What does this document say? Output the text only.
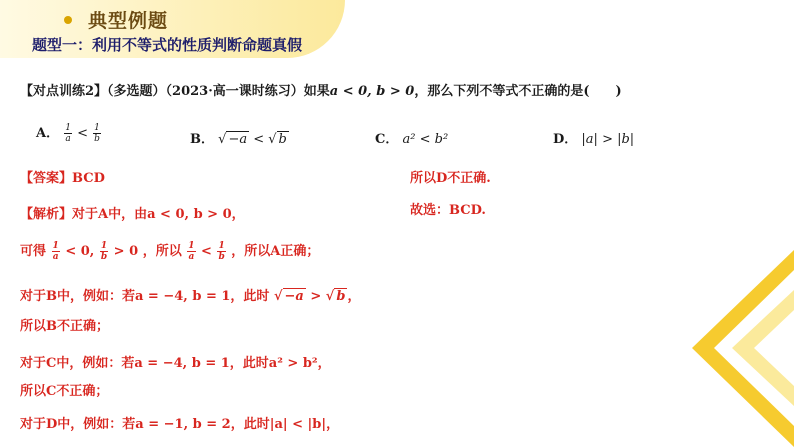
典型例题
题型一：利用不等式的性质判断命题真假
【对点训练2】（多选题）（2023·高一课时练习）如果a < 0, b > 0，那么下列不等式不正确的是(　　)
A． $\frac{1}{a} < \frac{1}{b}$	B． √ −a < √ b	C． a² < b²	D． |a| > |b|
【答案】BCD
【解析】对于A中，由a < 0, b > 0，
可得 $\frac{1}{a} < 0$, $\frac{1}{b} > 0$ ，所以 $\frac{1}{a} < \frac{1}{b}$ ，所以A正确；
对于B中，例如：若a = −4, b = 1，此时 √ −a > √ b ，
所以B不正确；
对于C中，例如：若a = −4, b = 1，此时a² > b²，
所以C不正确；
对于D中，例如：若a = −1, b = 2，此时|a| < |b|，
所以D不正确.
故选：BCD.
